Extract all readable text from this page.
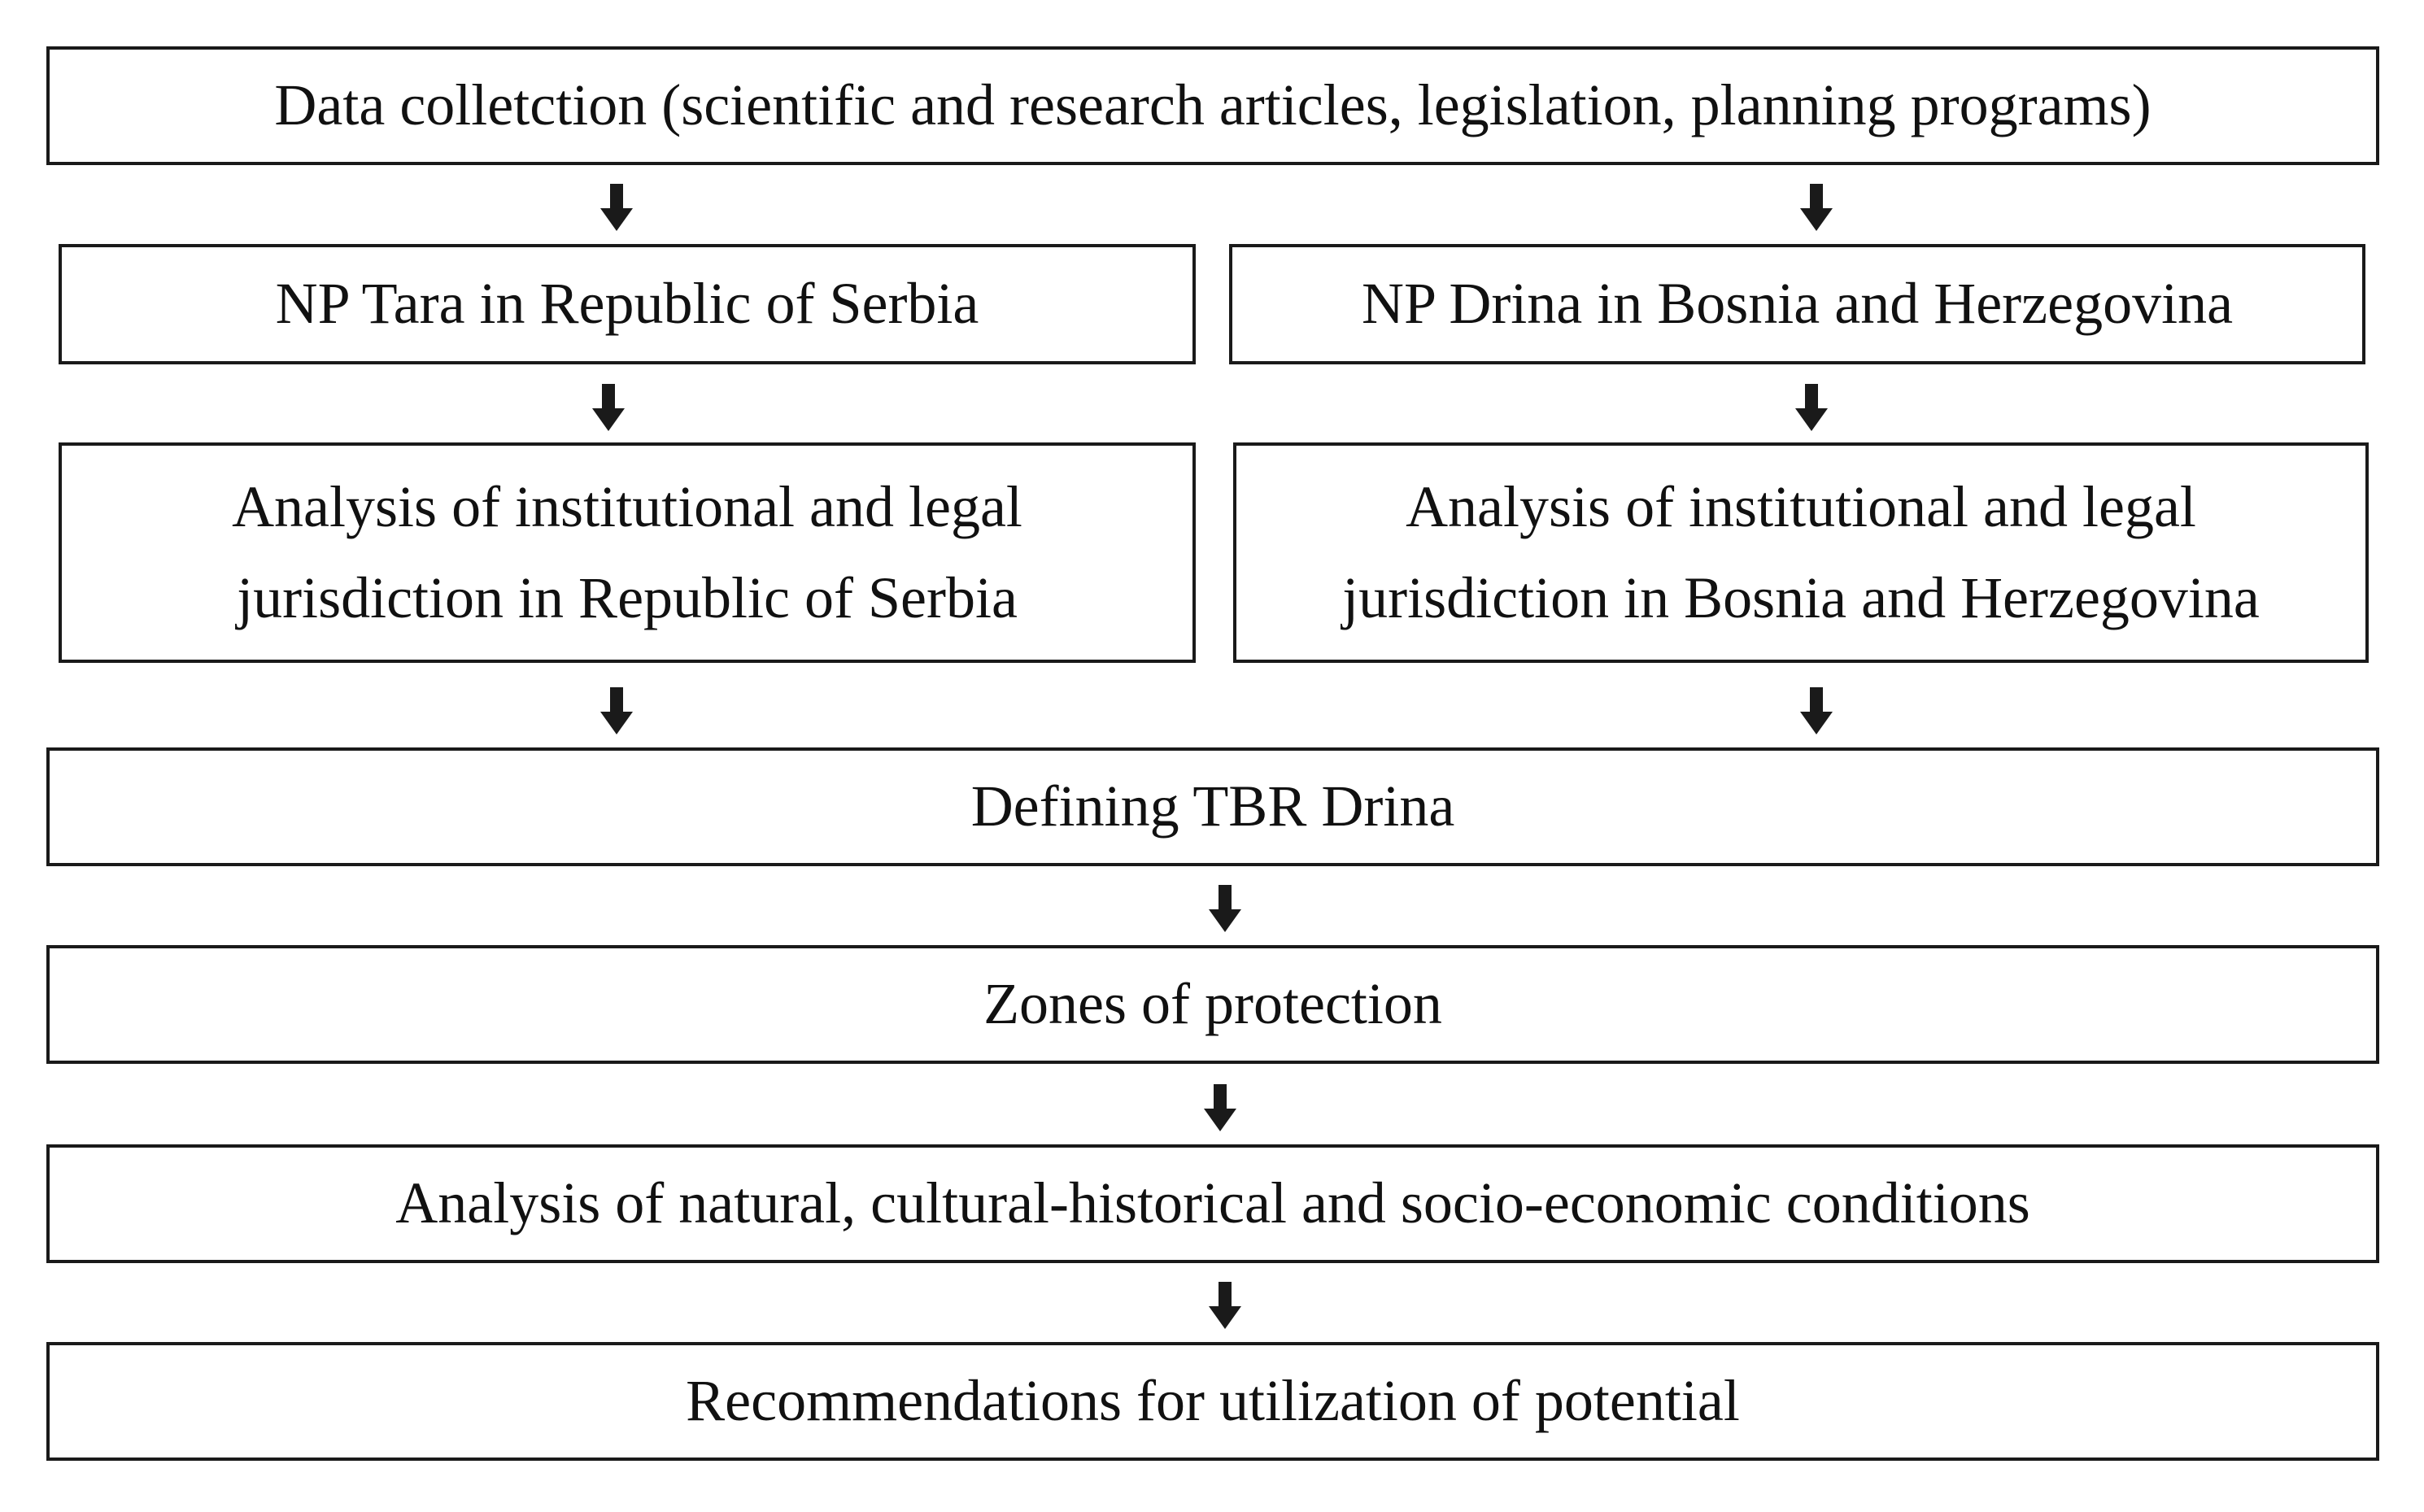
Data colletction (scientific and research articles, legislation, planning programs)
NP Tara in Republic of Serbia	NP Drina in Bosnia and Herzegovina
Analysis of institutional and legal
jurisdiction in Republic of Serbia
Analysis of institutional and legal
jurisdiction in Bosnia and Herzegovina
Defining TBR Drina
Zones of protection
Analysis of natural, cultural-historical and socio-economic conditions
Recommendations for utilization of potential
